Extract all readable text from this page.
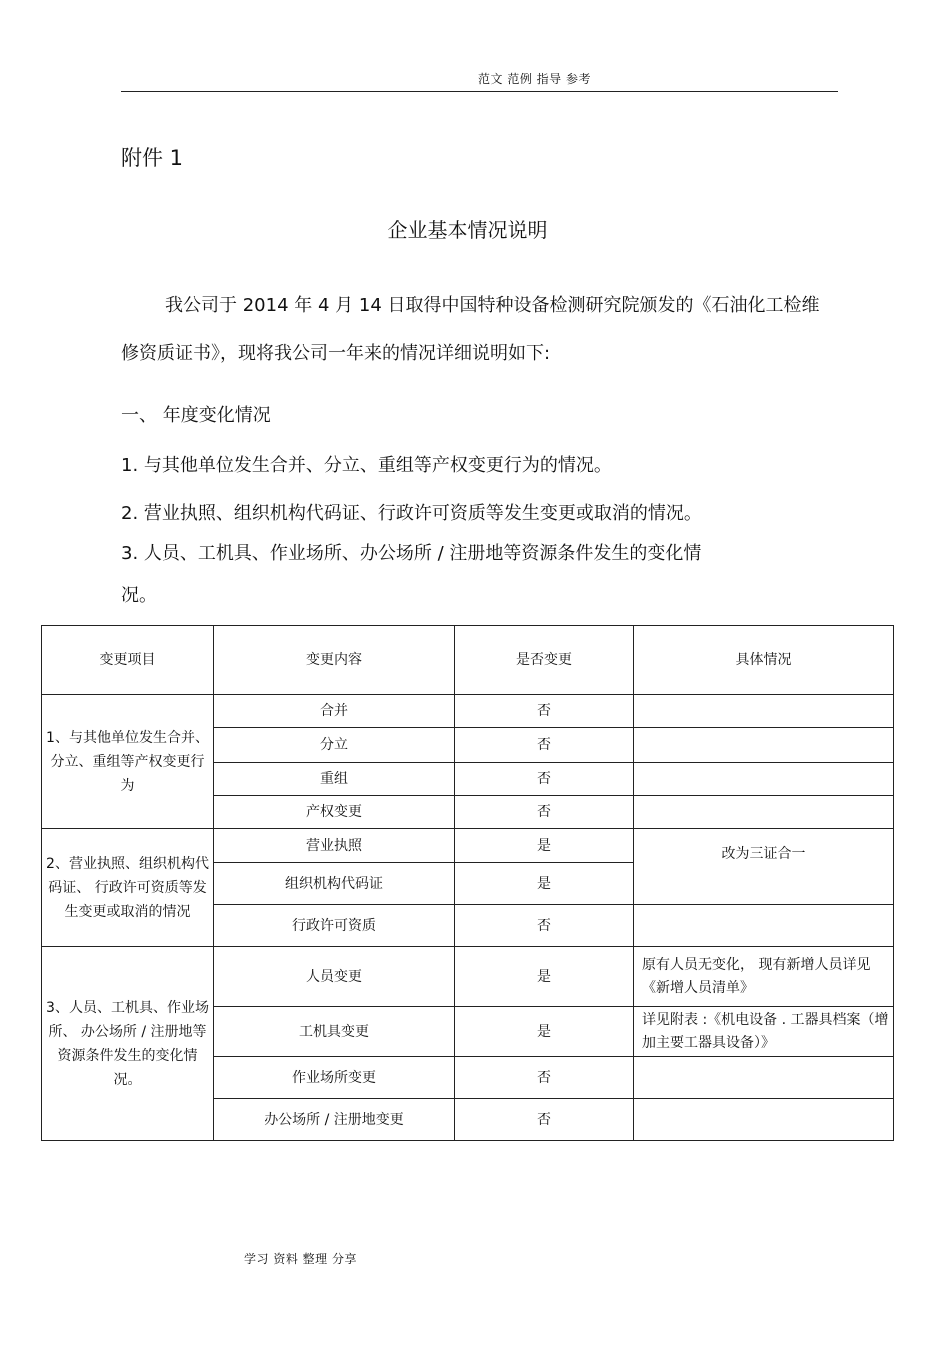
范文 范例 指导 参考
附件 1
企业基本情况说明
我公司于 2014 年 4 月 14 日取得中国特种设备检测研究院颁发的《石油化工检维修资质证书》，现将我公司一年来的情况详细说明如下:
一、 年度变化情况
1. 与其他单位发生合并、分立、重组等产权变更行为的情况。
2. 营业执照、组织机构代码证、行政许可资质等发生变更或取消的情况。
3. 人员、工机具、作业场所、办公场所 / 注册地等资源条件发生的变化情
况。
变更项目	变更内容	是否变更	具体情况
1、与其他单位发生合并、分立、重组等产权变更行为	合并	否	
	分立	否	
	重组	否	
	产权变更	否	
2、营业执照、组织机构代码证、 行政许可资质等发生变更或取消的情况	营业执照	是	改为三证合一
	组织机构代码证	是	
	行政许可资质	否	
3、人员、工机具、作业场所、 办公场所 / 注册地等资源条件发生的变化情况。	人员变更	是	原有人员无变化， 现有新增人员详见《新增人员清单》
	工机具变更	是	详见附表 :《机电设备 . 工器具档案（增加主要工器具设备）》
	作业场所变更	否	
	办公场所 / 注册地变更	否	
学习 资料 整理 分享
